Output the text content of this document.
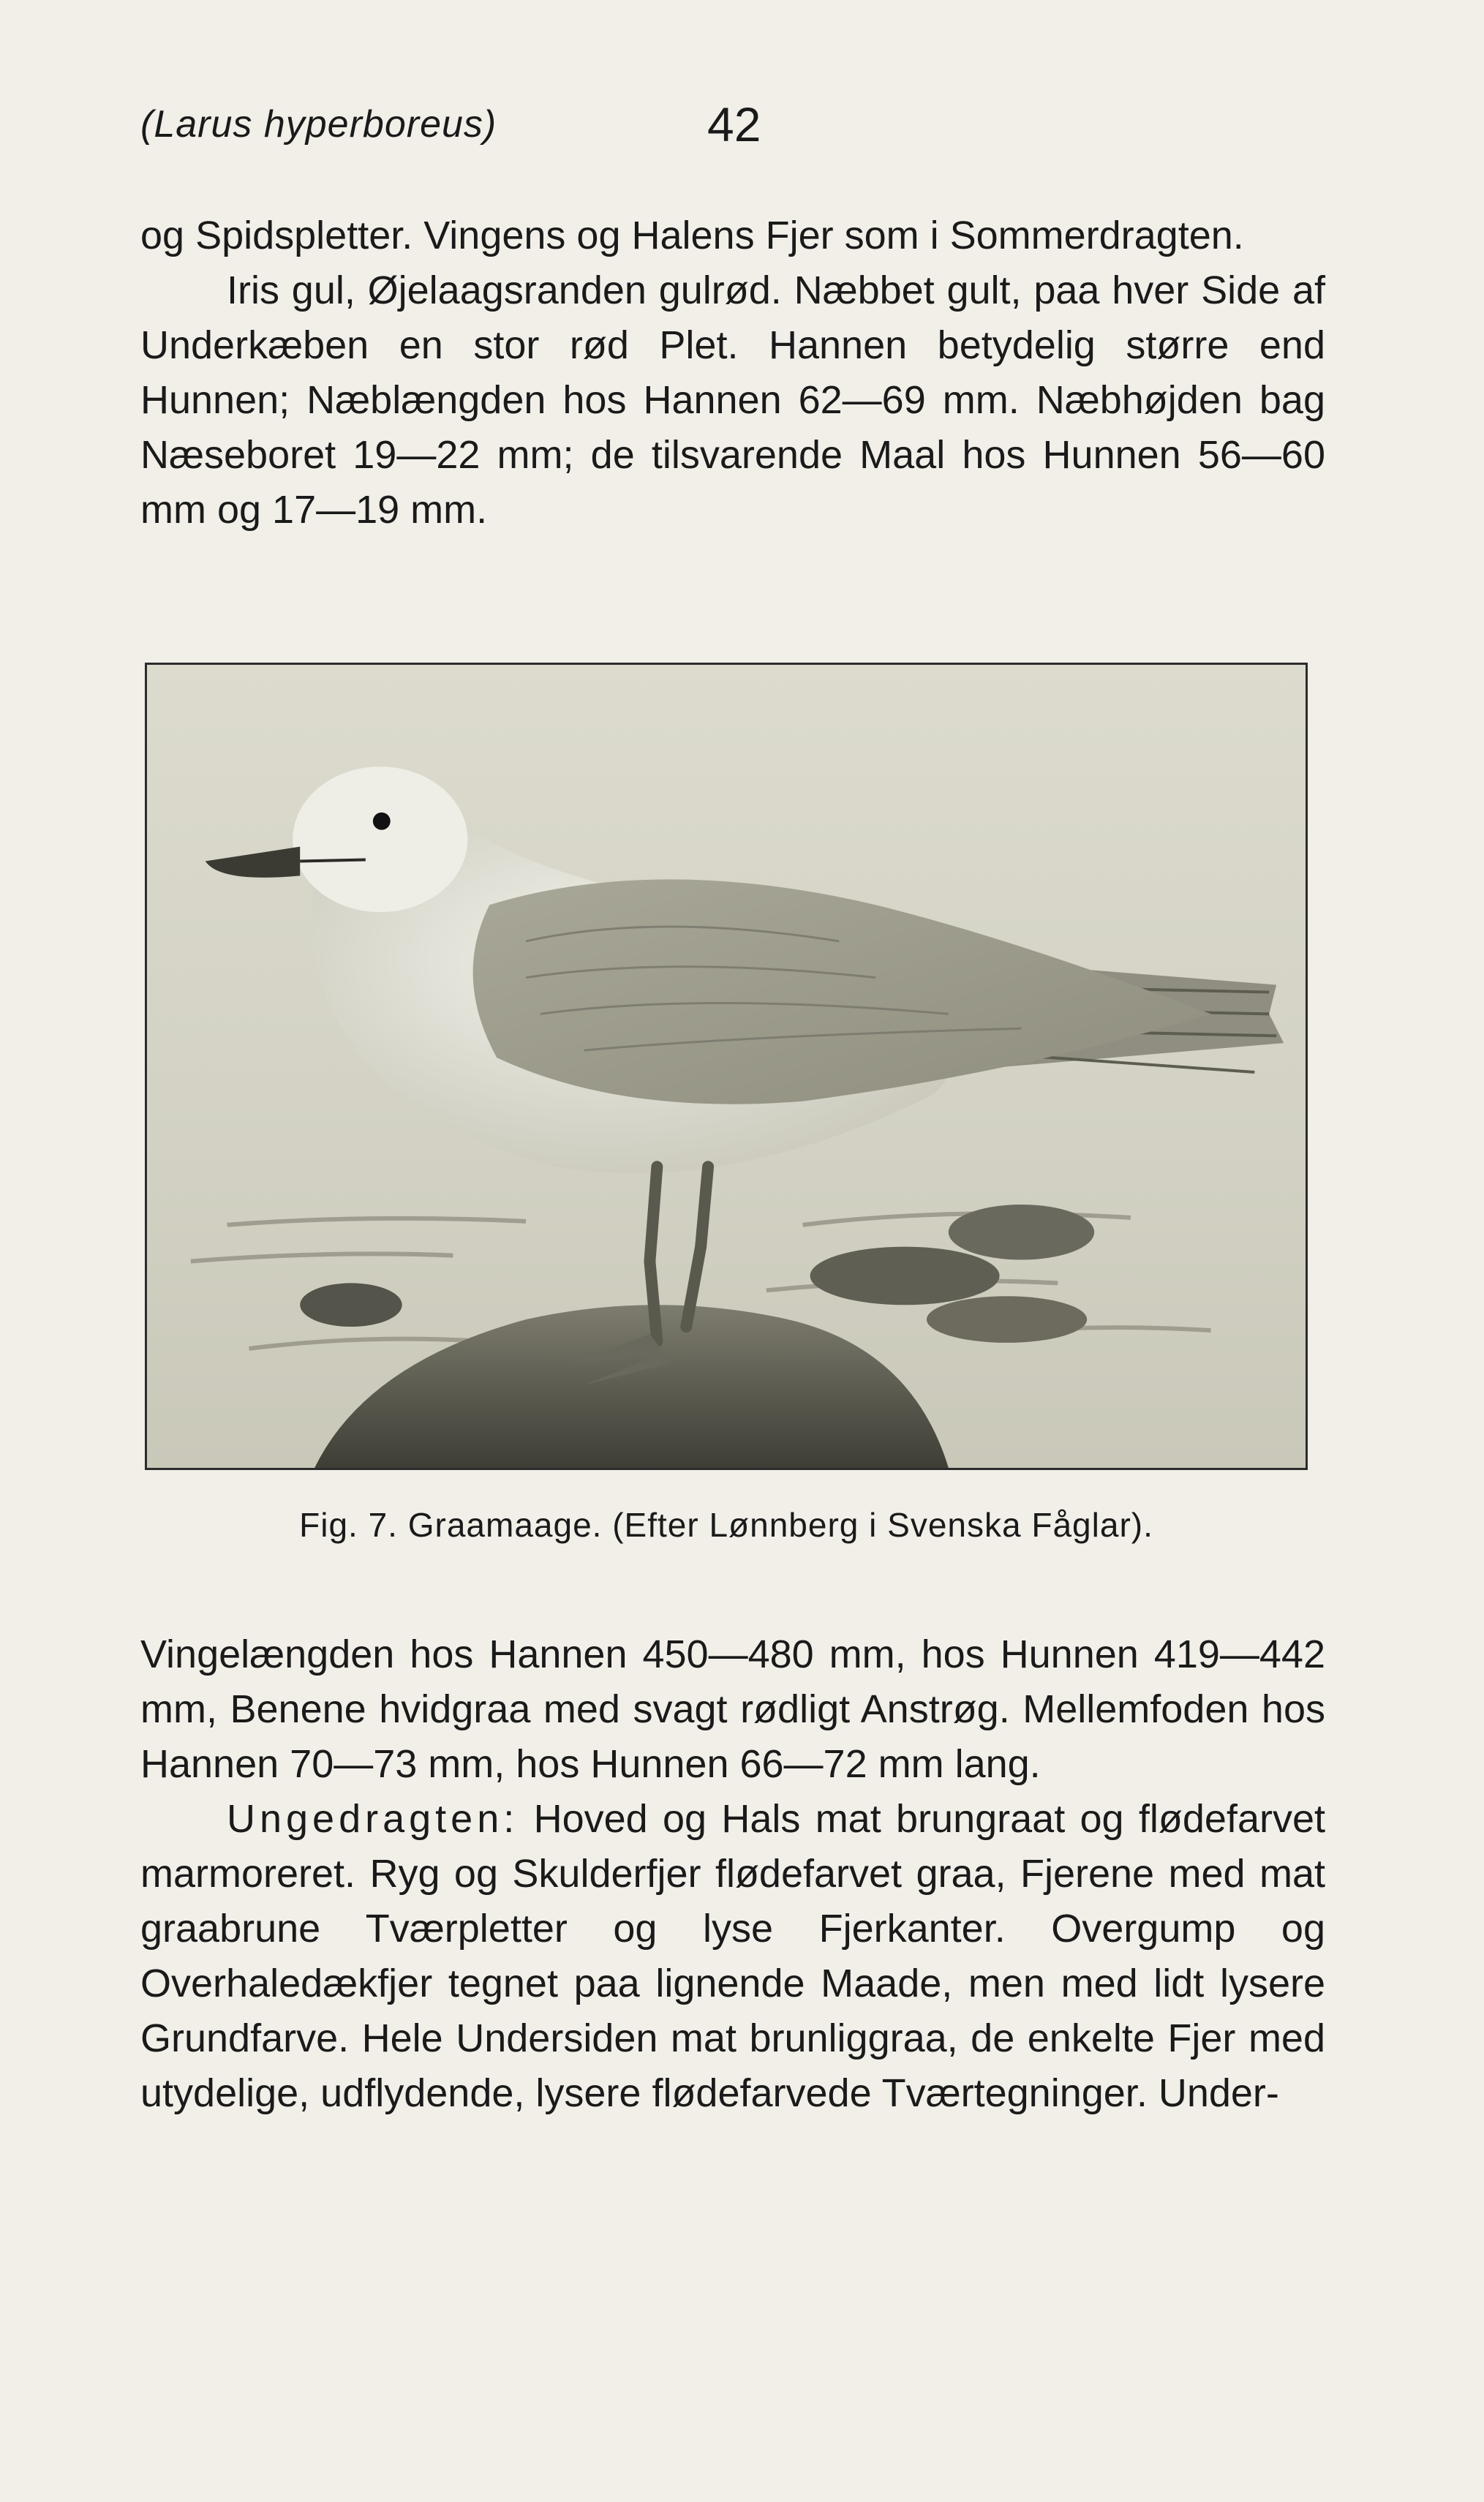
(Larus hyperboreus)	42

og Spidspletter. Vingens og Halens Fjer som i Sommerdragten.

Iris gul, Øjelaagsranden gulrød. Næbbet gult, paa hver Side af Underkæben en stor rød Plet. Hannen betydelig større end Hunnen; Næblængden hos Hannen 62—69 mm. Næbhøjden bag Næseboret 19—22 mm; de tilsvarende Maal hos Hunnen 56—60 mm og 17—19 mm.

Fig. 7. Graamaage. (Efter Lønnberg i Svenska Fåglar).

Vingelængden hos Hannen 450—480 mm, hos Hunnen 419—442 mm, Benene hvidgraa med svagt rødligt Anstrøg. Mellemfoden hos Hannen 70—73 mm, hos Hunnen 66—72 mm lang.

Ungedragten: Hoved og Hals mat brungraat og flødefarvet marmoreret. Ryg og Skulderfjer flødefarvet graa, Fjerene med mat graabrune Tværpletter og lyse Fjerkanter. Overgump og Overhaledækfjer tegnet paa lignende Maade, men med lidt lysere Grundfarve. Hele Undersiden mat brunliggraa, de enkelte Fjer med utydelige, udflydende, lysere flødefarvede Tværtegninger. Under-
